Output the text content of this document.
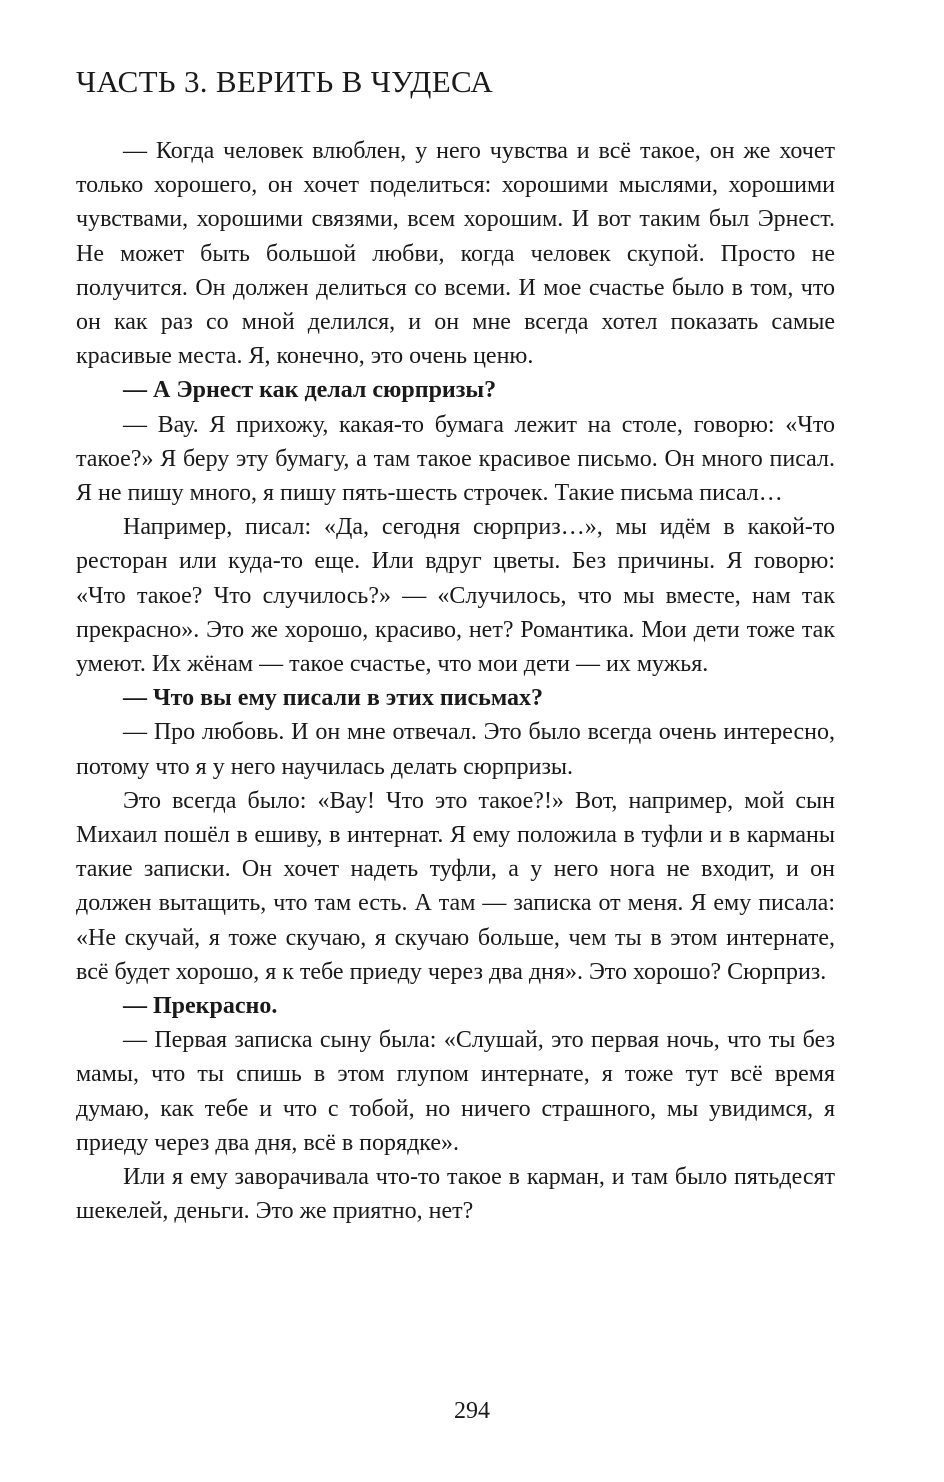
ЧАСТЬ 3. ВЕРИТЬ В ЧУДЕСА

— Когда человек влюблен, у него чувства и всё такое, он же хочет только хорошего, он хочет поделиться: хорошими мыслями, хорошими чувствами, хорошими связями, всем хорошим. И вот таким был Эрнест. Не может быть большой любви, когда человек скупой. Просто не получится. Он должен делиться со всеми. И мое счастье было в том, что он как раз со мной делился, и он мне всегда хотел показать самые красивые места. Я, конечно, это очень ценю.

— А Эрнест как делал сюрпризы?

— Вау. Я прихожу, какая-то бумага лежит на столе, говорю: «Что такое?» Я беру эту бумагу, а там такое красивое письмо. Он много писал. Я не пишу много, я пишу пять-шесть строчек. Такие письма писал…

Например, писал: «Да, сегодня сюрприз…», мы идём в какой-то ресторан или куда-то еще. Или вдруг цветы. Без причины. Я говорю: «Что такое? Что случилось?» — «Случилось, что мы вместе, нам так прекрасно». Это же хорошо, красиво, нет? Романтика. Мои дети тоже так умеют. Их жёнам — такое счастье, что мои дети — их мужья.

— Что вы ему писали в этих письмах?

— Про любовь. И он мне отвечал. Это было всегда очень интересно, потому что я у него научилась делать сюрпризы.

Это всегда было: «Вау! Что это такое?!» Вот, например, мой сын Михаил пошёл в ешиву, в интернат. Я ему положила в туфли и в карманы такие записки. Он хочет надеть туфли, а у него нога не входит, и он должен вытащить, что там есть. А там — записка от меня. Я ему писала: «Не скучай, я тоже скучаю, я скучаю больше, чем ты в этом интернате, всё будет хорошо, я к тебе приеду через два дня». Это хорошо? Сюрприз.

— Прекрасно.

— Первая записка сыну была: «Слушай, это первая ночь, что ты без мамы, что ты спишь в этом глупом интернате, я тоже тут всё время думаю, как тебе и что с тобой, но ничего страшного, мы увидимся, я приеду через два дня, всё в порядке».

Или я ему заворачивала что-то такое в карман, и там было пятьдесят шекелей, деньги. Это же приятно, нет?

294
